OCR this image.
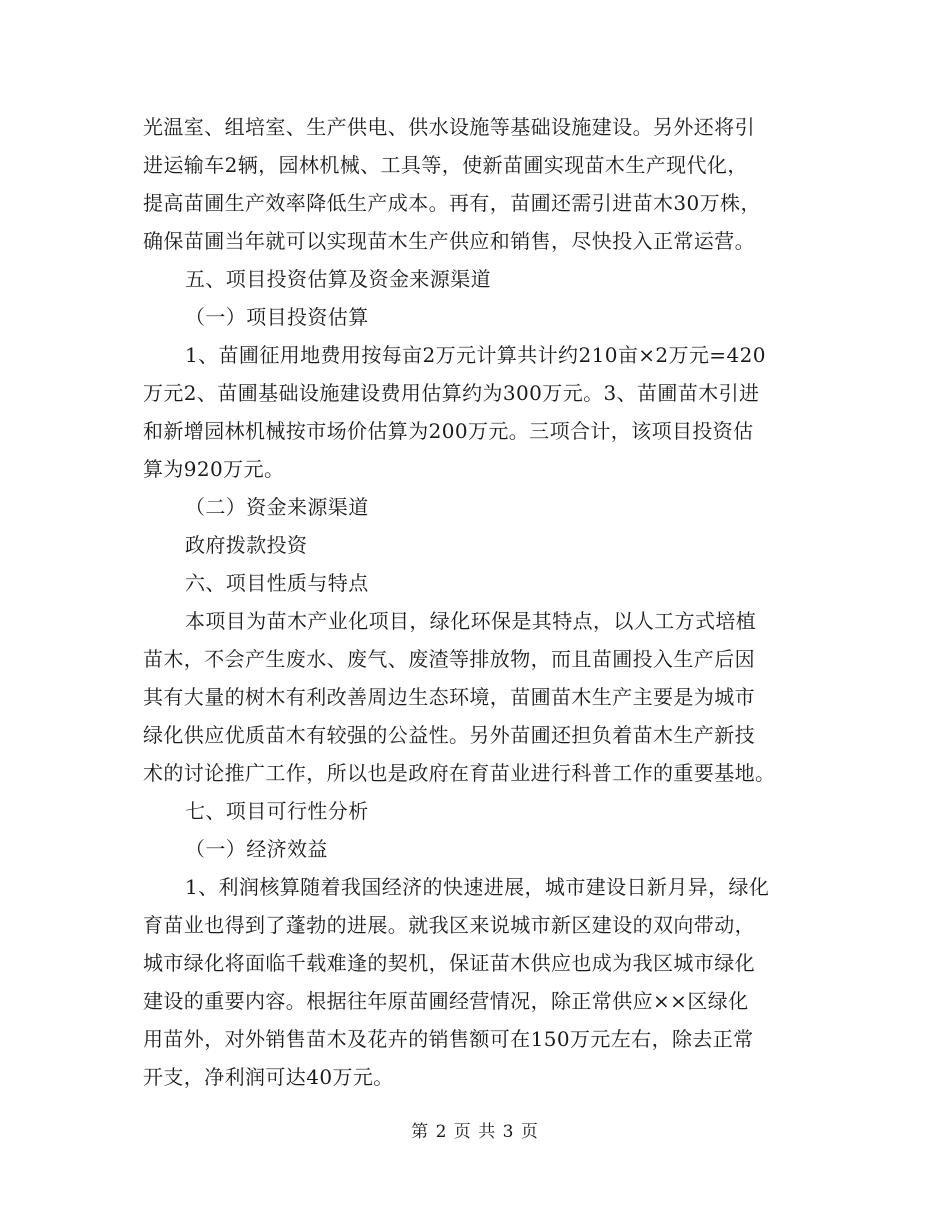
光温室、组培室、生产供电、供水设施等基础设施建设。另外还将引
进运输车2辆，园林机械、工具等，使新苗圃实现苗木生产现代化，
提高苗圃生产效率降低生产成本。再有，苗圃还需引进苗木30万株，
确保苗圃当年就可以实现苗木生产供应和销售，尽快投入正常运营。
五、项目投资估算及资金来源渠道
（一）项目投资估算
1、苗圃征用地费用按每亩2万元计算共计约210亩×2万元=420
万元2、苗圃基础设施建设费用估算约为300万元。3、苗圃苗木引进
和新增园林机械按市场价估算为200万元。三项合计，该项目投资估
算为920万元。
（二）资金来源渠道
政府拨款投资
六、项目性质与特点
本项目为苗木产业化项目，绿化环保是其特点，以人工方式培植
苗木，不会产生废水、废气、废渣等排放物，而且苗圃投入生产后因
其有大量的树木有利改善周边生态环境，苗圃苗木生产主要是为城市
绿化供应优质苗木有较强的公益性。另外苗圃还担负着苗木生产新技
术的讨论推广工作，所以也是政府在育苗业进行科普工作的重要基地。
七、项目可行性分析
（一）经济效益
1、利润核算随着我国经济的快速进展，城市建设日新月异，绿化
育苗业也得到了蓬勃的进展。就我区来说城市新区建设的双向带动，
城市绿化将面临千载难逢的契机，保证苗木供应也成为我区城市绿化
建设的重要内容。根据往年原苗圃经营情况，除正常供应××区绿化
用苗外，对外销售苗木及花卉的销售额可在150万元左右，除去正常
开支，净利润可达40万元。
第 2 页 共 3 页
